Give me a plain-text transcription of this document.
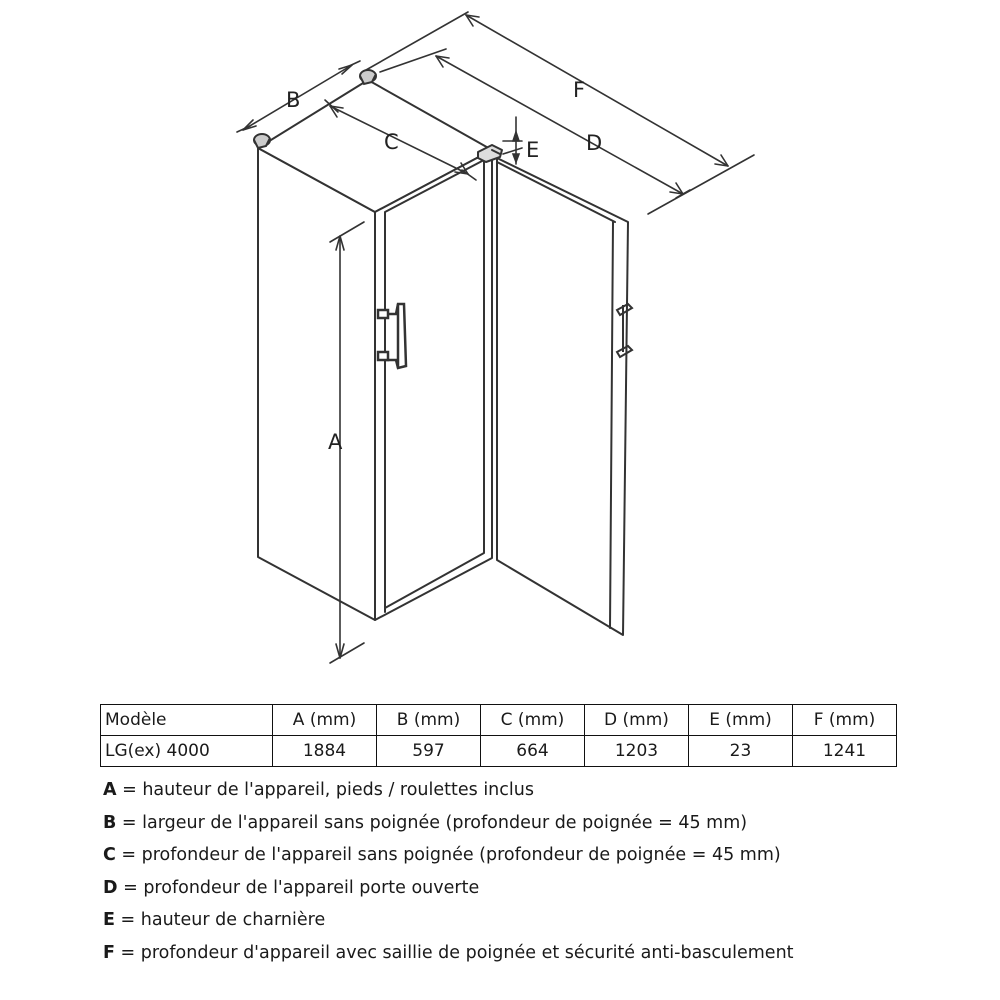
A
B
C	D
E
F
Modèle	A (mm)	B (mm)	C (mm)	D (mm)	E (mm)	F (mm)
LG(ex) 4000	1884	597	664	1203	23	1241
A = hauteur de l'appareil, pieds / roulettes inclus
B = largeur de l'appareil sans poignée (profondeur de poignée = 45 mm)
C = profondeur de l'appareil sans poignée (profondeur de poignée = 45 mm)
D = profondeur de l'appareil porte ouverte
E = hauteur de charnière
F = profondeur d'appareil avec saillie de poignée et sécurité anti-basculement
